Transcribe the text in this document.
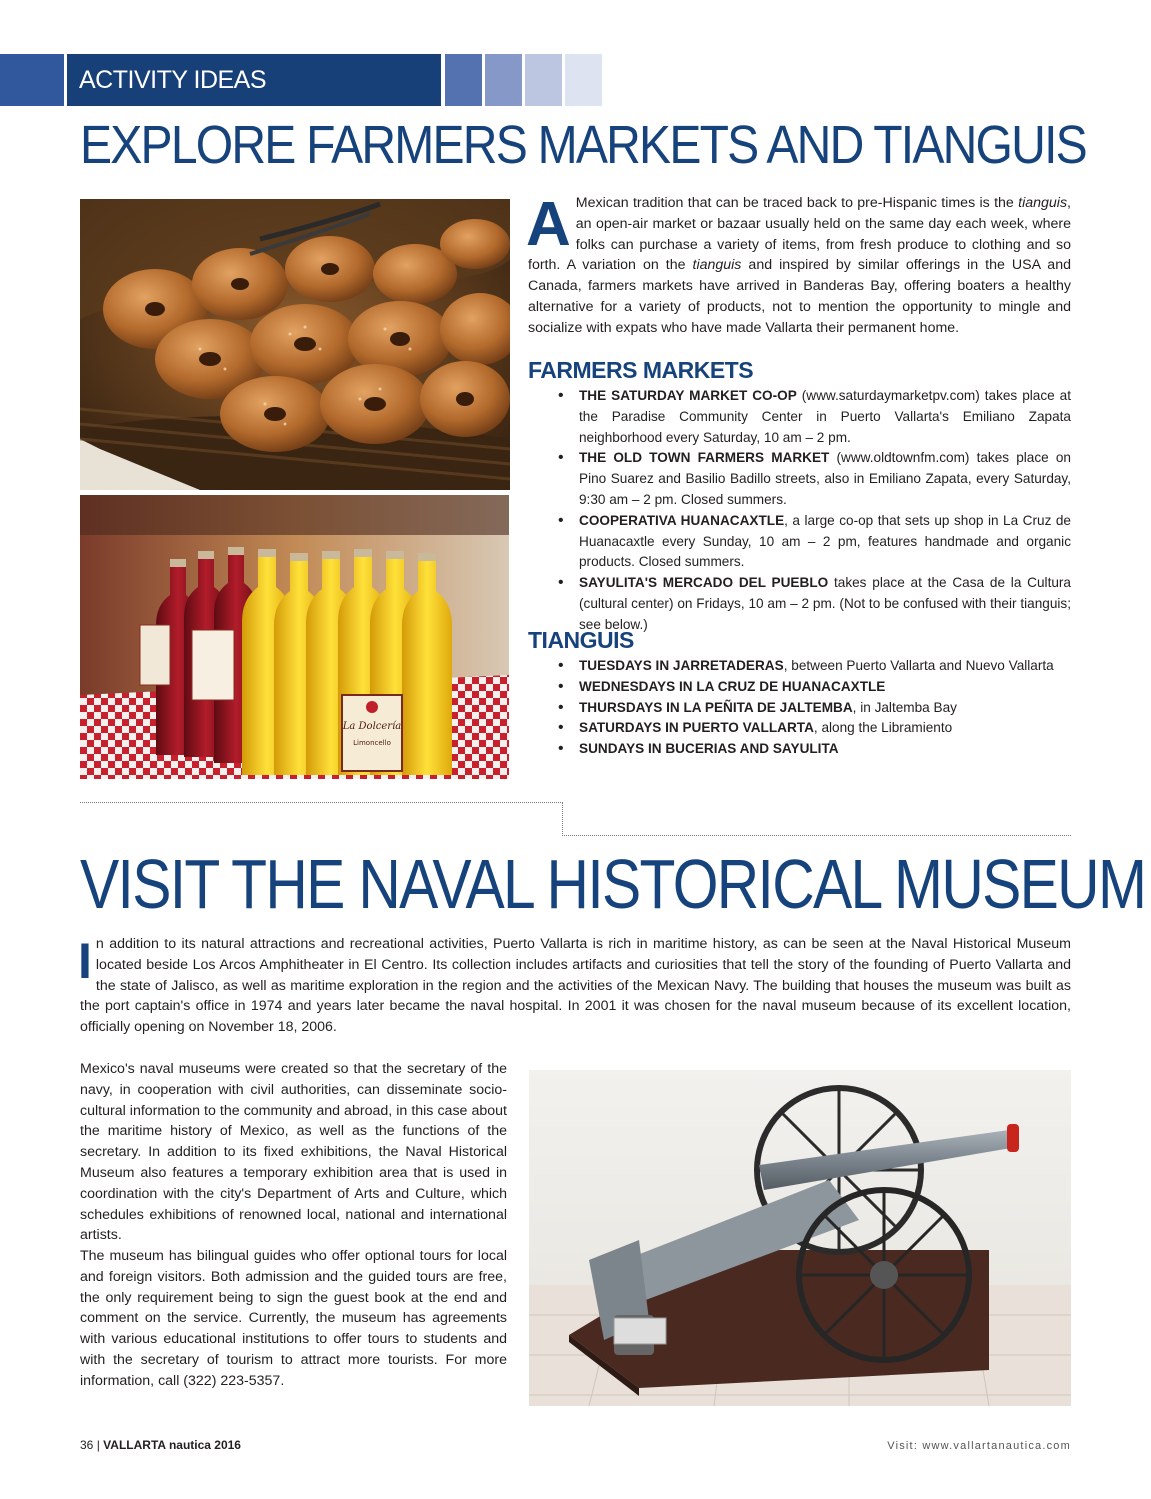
ACTIVITY IDEAS
EXPLORE FARMERS MARKETS AND TIANGUIS
La Dolcería
Limoncello
A Mexican tradition that can be traced back to pre-Hispanic times is the tianguis, an open-air market or bazaar usually held on the same day each week, where folks can purchase a variety of items, from fresh produce to clothing and so forth. A variation on the tianguis and inspired by similar offerings in the USA and Canada, farmers markets have arrived in Banderas Bay, offering boaters a healthy alternative for a variety of products, not to mention the opportunity to mingle and socialize with expats who have made Vallarta their permanent home.
FARMERS MARKETS
• THE SATURDAY MARKET CO-OP (www.saturdaymarketpv.com) takes place at the Paradise Community Center in Puerto Vallarta's Emiliano Zapata neighborhood every Saturday, 10 am – 2 pm.
• THE OLD TOWN FARMERS MARKET (www.oldtownfm.com) takes place on Pino Suarez and Basilio Badillo streets, also in Emiliano Zapata, every Saturday, 9:30 am – 2 pm. Closed summers.
• COOPERATIVA HUANACAXTLE, a large co-op that sets up shop in La Cruz de Huanacaxtle every Sunday, 10 am – 2 pm, features handmade and organic products. Closed summers.
• SAYULITA'S MERCADO DEL PUEBLO takes place at the Casa de la Cultura (cultural center) on Fridays, 10 am – 2 pm. (Not to be confused with their tianguis; see below.)
TIANGUIS
• TUESDAYS IN JARRETADERAS, between Puerto Vallarta and Nuevo Vallarta
• WEDNESDAYS IN LA CRUZ DE HUANACAXTLE
• THURSDAYS IN LA PEÑITA DE JALTEMBA, in Jaltemba Bay
• SATURDAYS IN PUERTO VALLARTA, along the Libramiento
• SUNDAYS IN BUCERIAS AND SAYULITA
VISIT THE NAVAL HISTORICAL MUSEUM
In addition to its natural attractions and recreational activities, Puerto Vallarta is rich in maritime history, as can be seen at the Naval Historical Museum located beside Los Arcos Amphitheater in El Centro. Its collection includes artifacts and curiosities that tell the story of the founding of Puerto Vallarta and the state of Jalisco, as well as maritime exploration in the region and the activities of the Mexican Navy. The building that houses the museum was built as the port captain's office in 1974 and years later became the naval hospital. In 2001 it was chosen for the naval museum because of its excellent location, officially opening on November 18, 2006.

Mexico's naval museums were created so that the secretary of the navy, in cooperation with civil authorities, can disseminate socio-cultural information to the community and abroad, in this case about the maritime history of Mexico, as well as the functions of the secretary. In addition to its fixed exhibitions, the Naval Historical Museum also features a temporary exhibition area that is used in coordination with the city's Department of Arts and Culture, which schedules exhibitions of renowned local, national and international artists.

The museum has bilingual guides who offer optional tours for local and foreign visitors. Both admission and the guided tours are free, the only requirement being to sign the guest book at the end and comment on the service. Currently, the museum has agreements with various educational institutions to offer tours to students and with the secretary of tourism to attract more tourists. For more information, call (322) 223-5357.

36 | VALLARTA nautica 2016	Visit: www.vallartanautica.com
